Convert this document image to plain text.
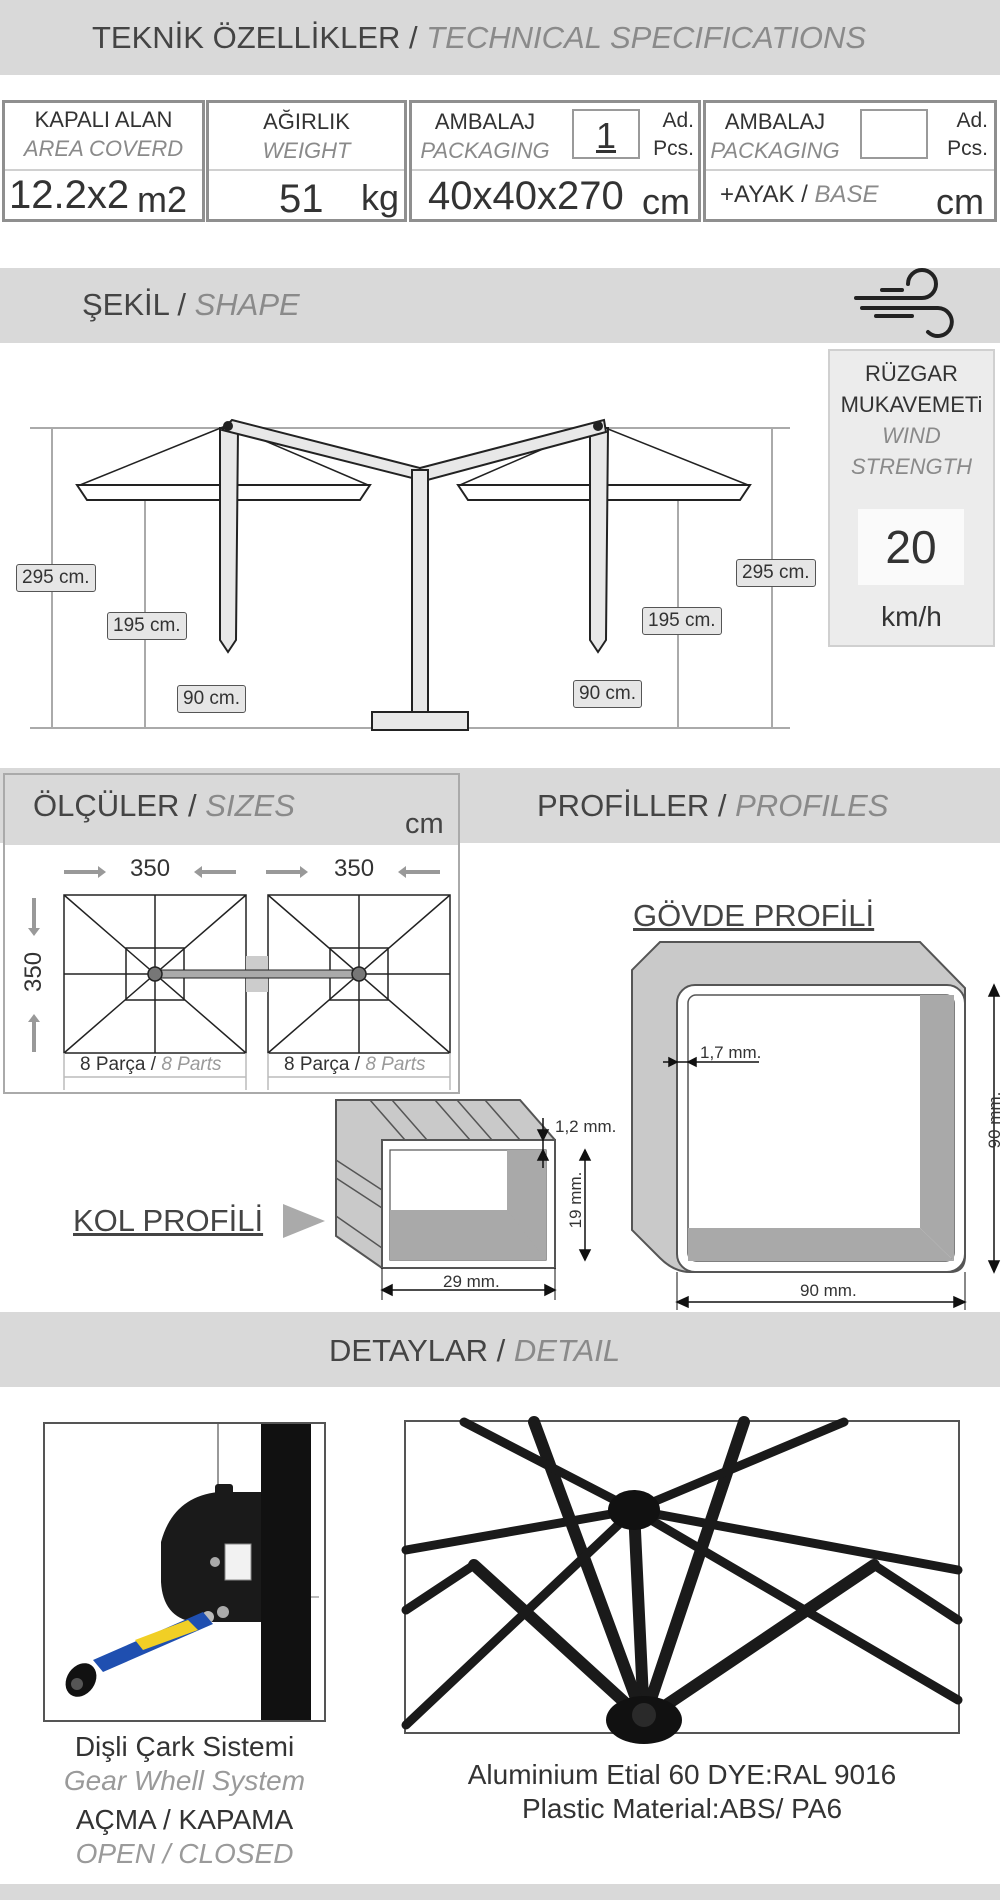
TEKNİK ÖZELLİKLER / TECHNICAL SPECIFICATIONS
KAPALI ALAN
AREA COVERD
12.2x2 m2
AĞIRLIK
WEIGHT
51 kg
AMBALAJ
PACKAGING	1	Ad.
Pcs.
40x40x270 cm
AMBALAJ
PACKAGING
Ad.
Pcs.
+AYAK / BASE cm
ŞEKİL / SHAPE
295 cm.
195 cm.
90 cm.
295 cm.
195 cm.
90 cm.
RÜZGAR
MUKAVEMETi
WIND
STRENGTH
20
km/h
ÖLÇÜLER / SIZES
cm
PROFİLLER / PROFILES
350	350
350
8 Parça / 8 Parts	8 Parça / 8 Parts
GÖVDE PROFİLİ
1,7 mm.
90 mm.
90 mm.
KOL PROFİLİ
1,2 mm.
19 mm.
29 mm.
DETAYLAR / DETAIL
Dişli Çark Sistemi
Gear Whell System
AÇMA / KAPAMA
OPEN / CLOSED
Aluminium Etial 60 DYE:RAL 9016
Plastic Material:ABS/ PA6
